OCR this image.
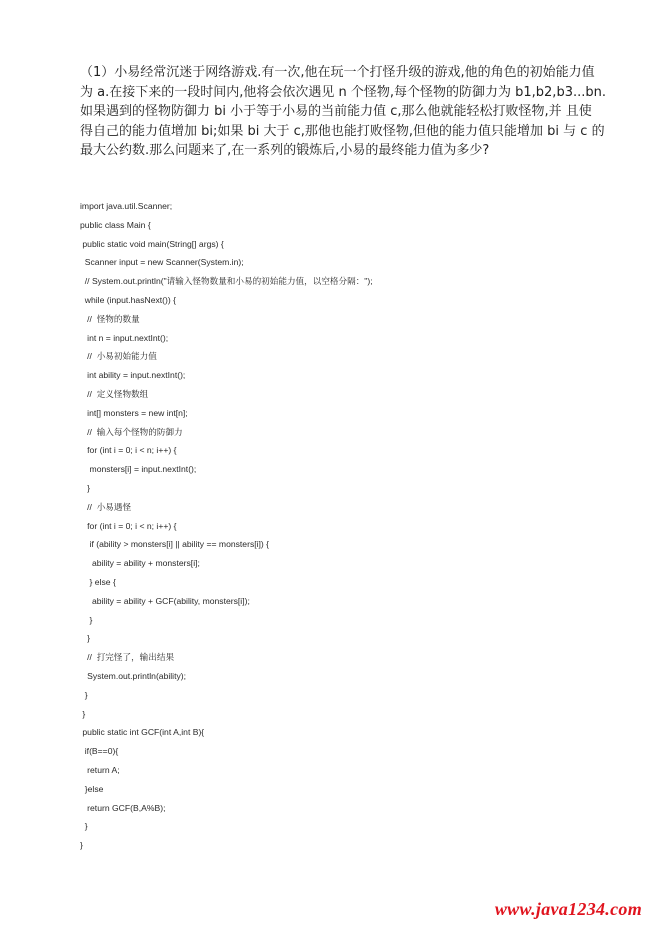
（1）小易经常沉迷于网络游戏.有一次,他在玩一个打怪升级的游戏,他的角色的初始能力值
为 a.在接下来的一段时间内,他将会依次遇见 n 个怪物,每个怪物的防御力为 b1,b2,b3...bn.
如果遇到的怪物防御力 bi 小于等于小易的当前能力值 c,那么他就能轻松打败怪物,并 且使
得自己的能力值增加 bi;如果 bi 大于 c,那他也能打败怪物,但他的能力值只能增加 bi 与 c 的
最大公约数.那么问题来了,在一系列的锻炼后,小易的最终能力值为多少?
import java.util.Scanner;
public class Main {
public static void main(String[] args) {
Scanner input = new Scanner(System.in);
// System.out.println("请输入怪物数量和小易的初始能力值，以空格分隔：");
while (input.hasNext()) {
//  怪物的数量
int n = input.nextInt();
//  小易初始能力值
int ability = input.nextInt();
//  定义怪物数组
int[] monsters = new int[n];
//  输入每个怪物的防御力
for (int i = 0; i < n; i++) {
monsters[i] = input.nextInt();
}
//  小易遇怪
for (int i = 0; i < n; i++) {
if (ability > monsters[i] || ability == monsters[i]) {
ability = ability + monsters[i];
} else {
ability = ability + GCF(ability, monsters[i]);
}
}
//  打完怪了，输出结果
System.out.println(ability);
}
}
public static int GCF(int A,int B){
if(B==0){
return A;
}else
return GCF(B,A%B);
}
}
www.java1234.com
